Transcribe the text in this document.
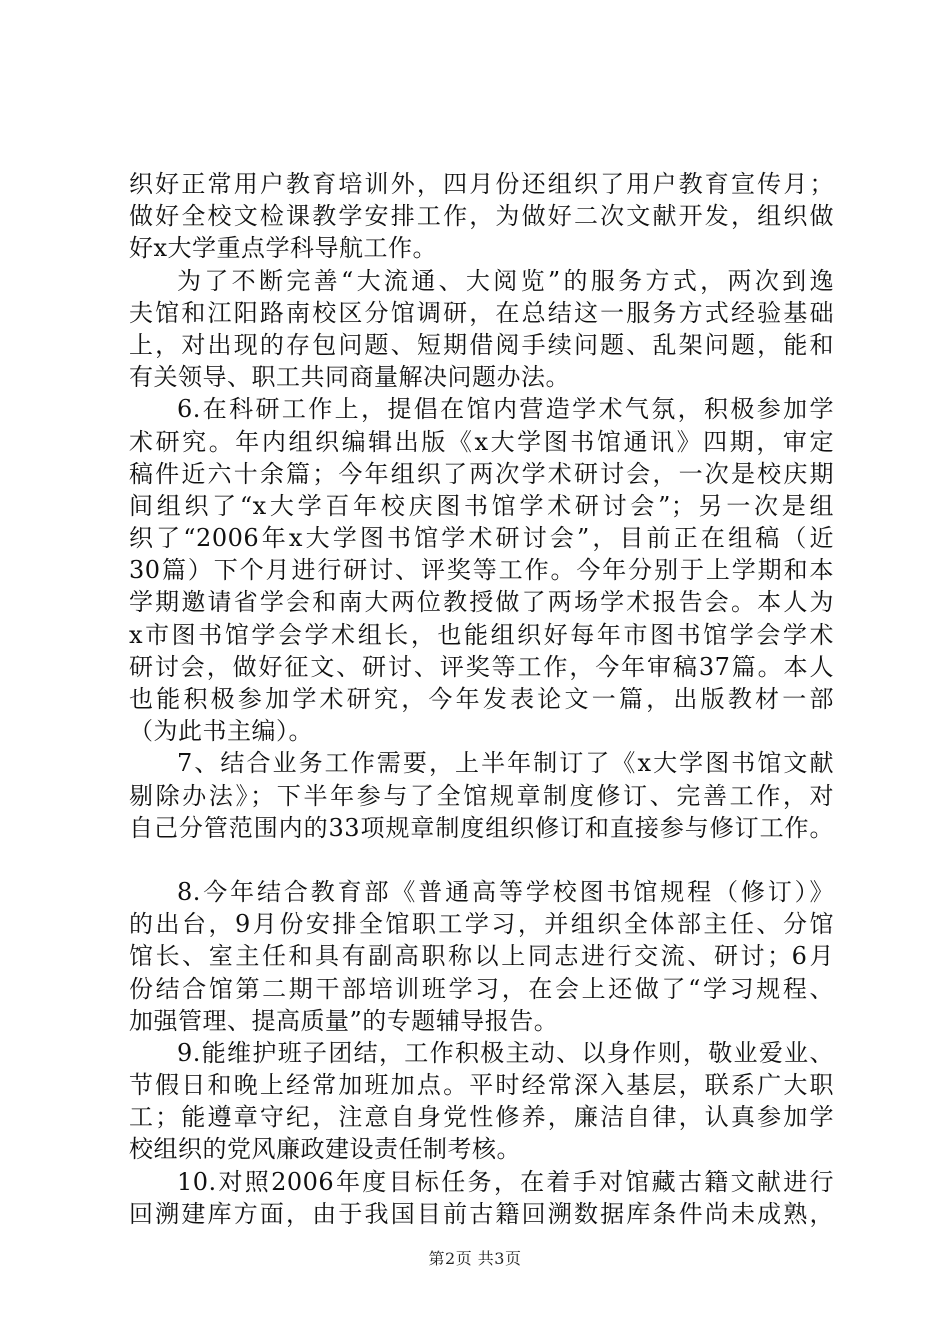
织好正常用户教育培训外，四月份还组织了用户教育宣传月；
做好全校文检课教学安排工作，为做好二次文献开发，组织做
好x大学重点学科导航工作。
为了不断完善“大流通、大阅览”的服务方式，两次到逸
夫馆和江阳路南校区分馆调研，在总结这一服务方式经验基础
上，对出现的存包问题、短期借阅手续问题、乱架问题，能和
有关领导、职工共同商量解决问题办法。
6.在科研工作上，提倡在馆内营造学术气氛，积极参加学
术研究。年内组织编辑出版《x大学图书馆通讯》四期，审定
稿件近六十余篇；今年组织了两次学术研讨会，一次是校庆期
间组织了“x大学百年校庆图书馆学术研讨会”；另一次是组
织了“2006年x大学图书馆学术研讨会”，目前正在组稿（近
30篇）下个月进行研讨、评奖等工作。今年分别于上学期和本
学期邀请省学会和南大两位教授做了两场学术报告会。本人为
x市图书馆学会学术组长，也能组织好每年市图书馆学会学术
研讨会，做好征文、研讨、评奖等工作，今年审稿37篇。本人
也能积极参加学术研究，今年发表论文一篇，出版教材一部
（为此书主编）。
7、结合业务工作需要，上半年制订了《x大学图书馆文献
剔除办法》；下半年参与了全馆规章制度修订、完善工作，对
自己分管范围内的33项规章制度组织修订和直接参与修订工作。
8.今年结合教育部《普通高等学校图书馆规程（修订）》
的出台，9月份安排全馆职工学习，并组织全体部主任、分馆
馆长、室主任和具有副高职称以上同志进行交流、研讨；6月
份结合馆第二期干部培训班学习，在会上还做了“学习规程、
加强管理、提高质量”的专题辅导报告。
9.能维护班子团结，工作积极主动、以身作则，敬业爱业、
节假日和晚上经常加班加点。平时经常深入基层，联系广大职
工；能遵章守纪，注意自身党性修养，廉洁自律，认真参加学
校组织的党风廉政建设责任制考核。
10.对照2006年度目标任务，在着手对馆藏古籍文献进行
回溯建库方面，由于我国目前古籍回溯数据库条件尚未成熟，
第2页 共3页
